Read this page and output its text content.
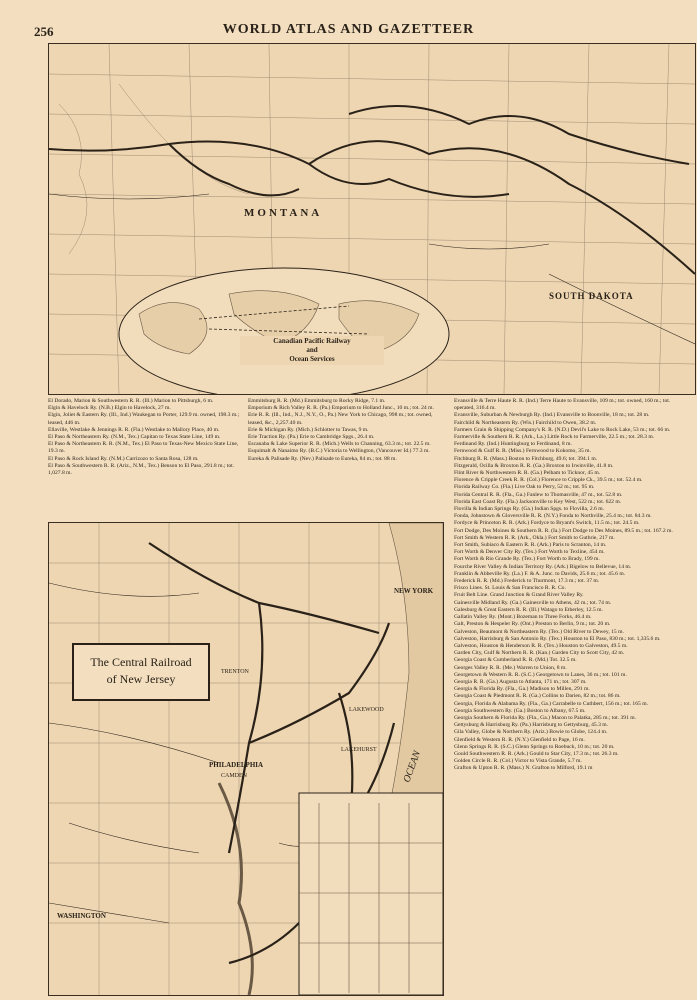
256	WORLD ATLAS AND GAZETTEER
MONTANA
SOUTH DAKOTA
Canadian Pacific Railway
and
Ocean Services
NEW YORK
PHILADELPHIA
CAMDEN
WASHINGTON
TRENTON
LAKEWOOD
LAKEHURST OCEAN
The Central Railroad
of New Jersey

El Dorado, Marion & Southwestern R. R. (Ill.) Marion to Pittsburgh, 6 m.

Elgin & Havelock Ry. (N.B.) Elgin to Havelock, 27 m.

Elgin, Joliet & Eastern Ry. (Ill., Ind.) Waukegan to Porter, 129.9 m. owned, 198.3 m.; leased, 446 m.

Ellaville, Westlake & Jennings R. R. (Fla.) Westlake to Mallory Place, 40 m.

El Paso & Northeastern Ry. (N.M., Tex.) Capitan to Texas State Line, 149 m.

El Paso & Northeastern R. R. (N.M., Tex.) El Paso to Texas-New Mexico State Line, 19.3 m.

El Paso & Rock Island Ry. (N.M.) Carrizozo to Santa Rosa, 128 m.

El Paso & Southwestern R. R. (Ariz., N.M., Tex.) Benson to El Paso, 291.8 m.; tot. 1,027.8 m.

Emmitsburg R. R. (Md.) Emmitsburg to Rocky Ridge, 7.1 m.

Emporium & Rich Valley R. R. (Pa.) Emporium to Holland Junc., 10 m.; tot. 24 m.

Erie R. R. (Ill., Ind., N.J., N.Y., O., Pa.) New York to Chicago, 998 m.; tot. owned, leased, &c., 2,257.40 m.

Erie & Michigan Ry. (Mich.) Schlotter to Tawas, 9 m.

Erie Traction Ry. (Pa.) Erie to Cambridge Spgs., 26.4 m.

Escanaba & Lake Superior R. R. (Mich.) Wells to Channing, 63.3 m.; tot. 22.5 m.

Esquimalt & Nanaimo Ry. (B.C.) Victoria to Wellington, (Vancouver Id.) 77.3 m.

Eureka & Palisade Ry. (Nev.) Palisade to Eureka, 84 m.; tot. 88 m.

Evansville & Terre Haute R. R. (Ind.) Terre Haute to Evansville, 109 m.; tot. owned, 160 m.; tot. operated, 316.4 m.

Evansville, Suburban & Newburgh Ry. (Ind.) Evansville to Boonville, 18 m.; tot. 28 m.

Fairchild & Northeastern Ry. (Wis.) Fairchild to Owen, 38.2 m.

Farmers Grain & Shipping Company's R. R. (N.D.) Devil's Lake to Rock Lake, 53 m.; tot. 66 m.

Farmerville & Southern R. R. (Ark., La.) Little Rock to Farmerville, 22.5 m.; tot. 28.3 m.

Ferdinand Ry. (Ind.) Huntingburg to Ferdinand, 8 m.

Fernwood & Gulf R. R. (Miss.) Fernwood to Kokomo, 35 m.

Fitchburg R. R. (Mass.) Boston to Fitchburg, 49.6; tot. 394.1 m.

Fitzgerald, Ocilla & Broxton R. R. (Ga.) Broxton to Irwinville, 41.8 m.

Flint River & Northwestern R. R. (Ga.) Pelham to Ticknor, 45 m.

Florence & Cripple Creek R. R. (Col.) Florence to Cripple Ck., 39.5 m.; tot. 52.4 m.

Florida Railway Co. (Fla.) Live Oak to Perry, 52 m.; tot. 95 m.

Florida Central R. R. (Fla., Ga.) Fanlew to Thomasville, 47 m., tot. 52.8 m.

Florida East Coast Ry. (Fla.) Jacksonville to Key West, 522 m.; tot. 622 m.

Flovilla & Indian Springs Ry. (Ga.) Indian Spgs. to Flovilla, 2.6 m.

Fonda, Johnstown & Gloversville R. R. (N.Y.) Fonda to Northville, 25.4 m.; tot. 84.3 m.

Fordyce & Princeton R. R. (Ark.) Fordyce to Bryant's Switch, 11.5 m.; tot. 24.5 m.

Fort Dodge, Des Moines & Southern R. R. (Ia.) Fort Dodge to Des Moines, 89.5 m.; tot. 167.2 m.

Fort Smith & Western R. R. (Ark., Okla.) Fort Smith to Guthrie, 217 m.

Fort Smith, Subiaco & Eastern R. R. (Ark.) Paris to Scranton, 14 m.

Fort Worth & Denver City Ry. (Tex.) Fort Worth to Texline, 454 m.

Fort Worth & Rio Grande Ry. (Tex.) Fort Worth to Brady, 199 m.

Fourche River Valley & Indian Territory Ry. (Ark.) Bigelow to Bellevue, 14 m.

Franklin & Abbeville Ry. (La.) F. & A. Junc. to Davids, 25.6 m.; tot. 45.6 m.

Frederick R. R. (Md.) Frederick to Thurmont, 17.3 m.; tot. 37 m.

Frisco Lines. St. Louis & San Francisco R. R. Co.

Fruit Belt Line. Grand Junction & Grand River Valley Ry.

Gainesville Midland Ry. (Ga.) Gainesville to Athens, 42 m.; tot. 74 m.

Galesburg & Great Eastern R. R. (Ill.) Watago to Etherley, 12.5 m.

Gallatin Valley Ry. (Mont.) Bozeman to Three Forks, 46.4 m.

Galt, Preston & Hespeler Ry. (Ont.) Preston to Berlin, 9 m.; tot. 20 m.

Galveston, Beaumont & Northeastern Ry. (Tex.) Old River to Dewey, 15 m.

Galveston, Harrisburg & San Antonio Ry. (Tex.) Houston to El Paso, 830 m.; tot. 1,335.6 m.

Galveston, Houston & Henderson R. R. (Tex.) Houston to Galveston, 49.5 m.

Garden City, Gulf & Northern R. R. (Kan.) Garden City to Scott City, 42 m.

Georgia Coast & Cumberland R. R. (Md.) Tot. 32.5 m.

Georges Valley R. R. (Me.) Warren to Union, 8 m.

Georgetown & Western R. R. (S.C.) Georgetown to Lanes, 36 m.; tot. 101 m.

Georgia R. R. (Ga.) Augusta to Atlanta, 171 m.; tot. 307 m.

Georgia & Florida Ry. (Fla., Ga.) Madison to Millen, 291 m.

Georgia Coast & Piedmont R. R. (Ga.) Collins to Darien, 82 m.; tot. 86 m.

Georgia, Florida & Alabama Ry. (Fla., Ga.) Carrabelle to Cuthbert, 156 m.; tot. 165 m.

Georgia Southwestern Ry. (Ga.) Boston to Albany, 67.5 m.

Georgia Southern & Florida Ry. (Fla., Ga.) Macon to Palatka, 285 m.; tot. 391 m.

Gettysburg & Harrisburg Ry. (Pa.) Harrisburg to Gettysburg, 45.3 m.

Gila Valley, Globe & Northern Ry. (Ariz.) Bowie to Globe, 124.4 m.

Glenfield & Western R. R. (N.Y.) Glenfield to Page, 16 m.

Glenn Springs R. R. (S.C.) Glenn Springs to Roebuck, 10 m.; tot. 20 m.

Gould Southwestern R. R. (Ark.) Gould to Star City, 17.3 m.; tot. 26.3 m.

Golden Circle R. R. (Col.) Victor to Vista Grande, 5.7 m.

Grafton & Upton R. R. (Mass.) N. Grafton to Milford, 19.1 m
